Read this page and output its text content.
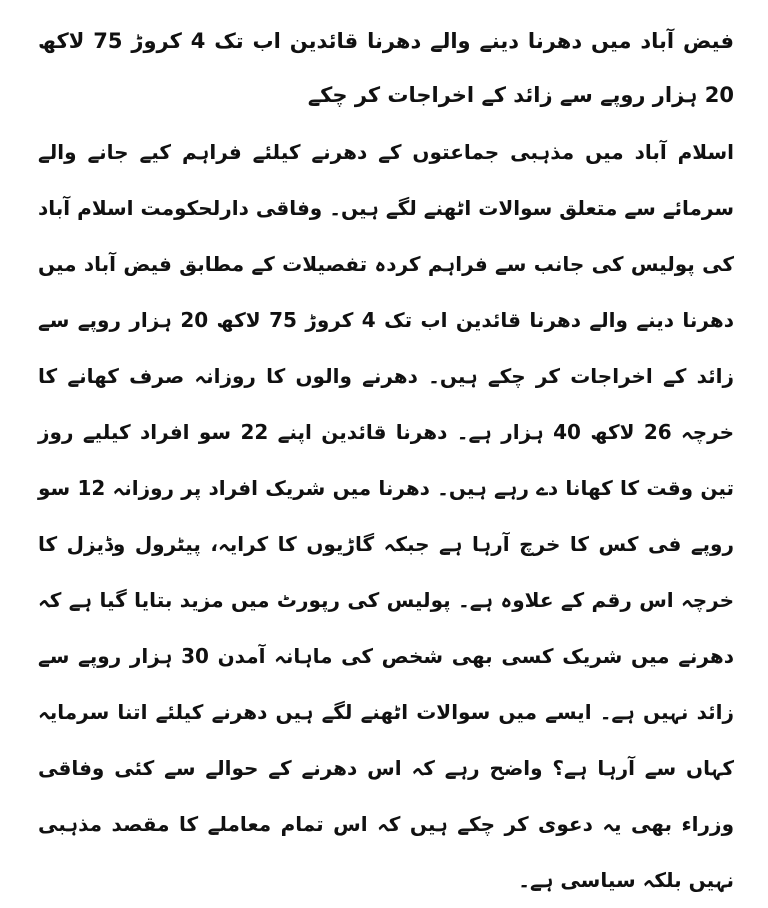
فیض آباد میں دھرنا دینے والے دھرنا قائدین اب تک 4 کروڑ 75 لاکھ 20 ہزار روپے سے زائد کے اخراجات کر چکے

اسلام آباد میں مذہبی جماعتوں کے دھرنے کیلئے فراہم کیے جانے والے سرمائے سے متعلق سوالات اٹھنے لگے ہیں۔ وفاقی دارلحکومت اسلام آباد کی پولیس کی جانب سے فراہم کردہ تفصیلات کے مطابق فیض آباد میں دھرنا دینے والے دھرنا قائدین اب تک 4 کروڑ 75 لاکھ 20 ہزار روپے سے زائد کے اخراجات کر چکے ہیں۔ دھرنے والوں کا روزانہ صرف کھانے کا خرچہ 26 لاکھ 40 ہزار ہے۔ دھرنا قائدین اپنے 22 سو افراد کیلیے روز تین وقت کا کھانا دے رہے ہیں۔ دھرنا میں شریک افراد پر روزانہ 12 سو روپے فی کس کا خرچ آرہا ہے جبکہ گاڑیوں کا کرایہ، پیٹرول وڈیزل کا خرچہ اس رقم کے علاوہ ہے۔ پولیس کی رپورٹ میں مزید بتایا گیا ہے کہ دھرنے میں شریک کسی بھی شخص کی ماہانہ آمدن 30 ہزار روپے سے زائد نہیں ہے۔ ایسے میں سوالات اٹھنے لگے ہیں دھرنے کیلئے اتنا سرمایہ کہاں سے آرہا ہے؟ واضح رہے کہ اس دھرنے کے حوالے سے کئی وفاقی وزراء بھی یہ دعوی کر چکے ہیں کہ اس تمام معاملے کا مقصد مذہبی نہیں بلکہ سیاسی ہے۔
